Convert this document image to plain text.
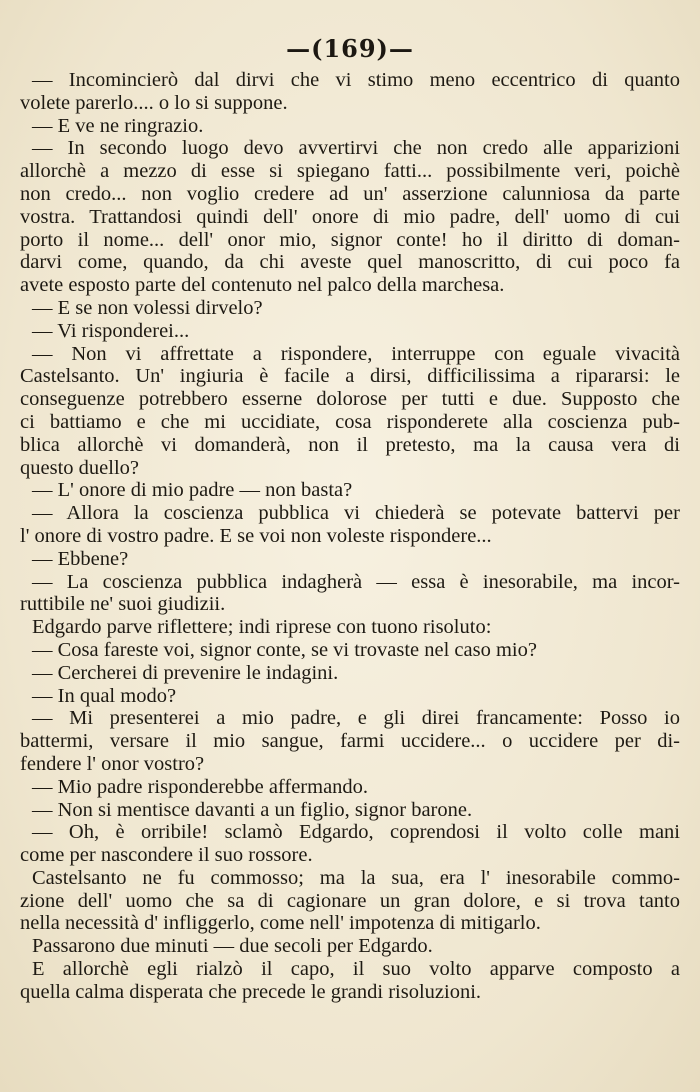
—(169)—
— Incomincierò dal dirvi che vi stimo meno eccentrico di quanto
volete parerlo.... o lo si suppone.
— E ve ne ringrazio.
— In secondo luogo devo avvertirvi che non credo alle apparizioni
allorchè a mezzo di esse si spiegano fatti... possibilmente veri, poichè
non credo... non voglio credere ad un' asserzione calunniosa da parte
vostra. Trattandosi quindi dell' onore di mio padre, dell' uomo di cui
porto il nome... dell' onor mio, signor conte! ho il diritto di doman-
darvi come, quando, da chi aveste quel manoscritto, di cui poco fa
avete esposto parte del contenuto nel palco della marchesa.
— E se non volessi dirvelo?
— Vi risponderei...
— Non vi affrettate a rispondere, interruppe con eguale vivacità
Castelsanto. Un' ingiuria è facile a dirsi, difficilissima a ripararsi: le
conseguenze potrebbero esserne dolorose per tutti e due. Supposto che
ci battiamo e che mi uccidiate, cosa risponderete alla coscienza pub-
blica allorchè vi domanderà, non il pretesto, ma la causa vera di
questo duello?
— L' onore di mio padre — non basta?
— Allora la coscienza pubblica vi chiederà se potevate battervi per
l' onore di vostro padre. E se voi non voleste rispondere...
— Ebbene?
— La coscienza pubblica indagherà — essa è inesorabile, ma incor-
ruttibile ne' suoi giudizii.
Edgardo parve riflettere; indi riprese con tuono risoluto:
— Cosa fareste voi, signor conte, se vi trovaste nel caso mio?
— Cercherei di prevenire le indagini.
— In qual modo?
— Mi presenterei a mio padre, e gli direi francamente: Posso io
battermi, versare il mio sangue, farmi uccidere... o uccidere per di-
fendere l' onor vostro?
— Mio padre risponderebbe affermando.
— Non si mentisce davanti a un figlio, signor barone.
— Oh, è orribile! sclamò Edgardo, coprendosi il volto colle mani
come per nascondere il suo rossore.
Castelsanto ne fu commosso; ma la sua, era l' inesorabile commo-
zione dell' uomo che sa di cagionare un gran dolore, e si trova tanto
nella necessità d' infliggerlo, come nell' impotenza di mitigarlo.
Passarono due minuti — due secoli per Edgardo.
E allorchè egli rialzò il capo, il suo volto apparve composto a
quella calma disperata che precede le grandi risoluzioni.
